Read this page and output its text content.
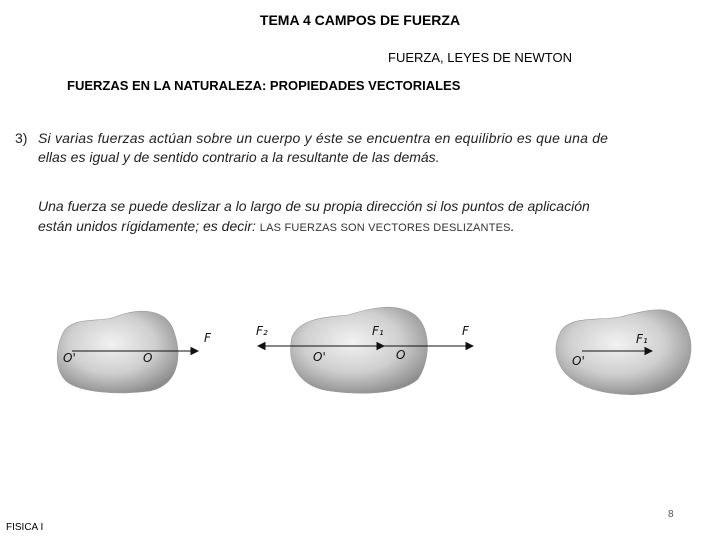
TEMA 4 CAMPOS DE FUERZA
FUERZA, LEYES DE NEWTON
FUERZAS EN LA NATURALEZA: PROPIEDADES VECTORIALES
3) Si varias fuerzas actúan sobre un cuerpo y éste se encuentra en equilibrio es que una de
ellas es igual y de sentido contrario a la resultante de las demás.
Una fuerza se puede deslizar a lo largo de su propia dirección si los puntos de aplicación
están unidos rígidamente; es decir: LAS FUERZAS SON VECTORES DESLIZANTES.
O'	O
F	F₂	F₁	F
O'	O	O'
F₁
FISICA I
8
